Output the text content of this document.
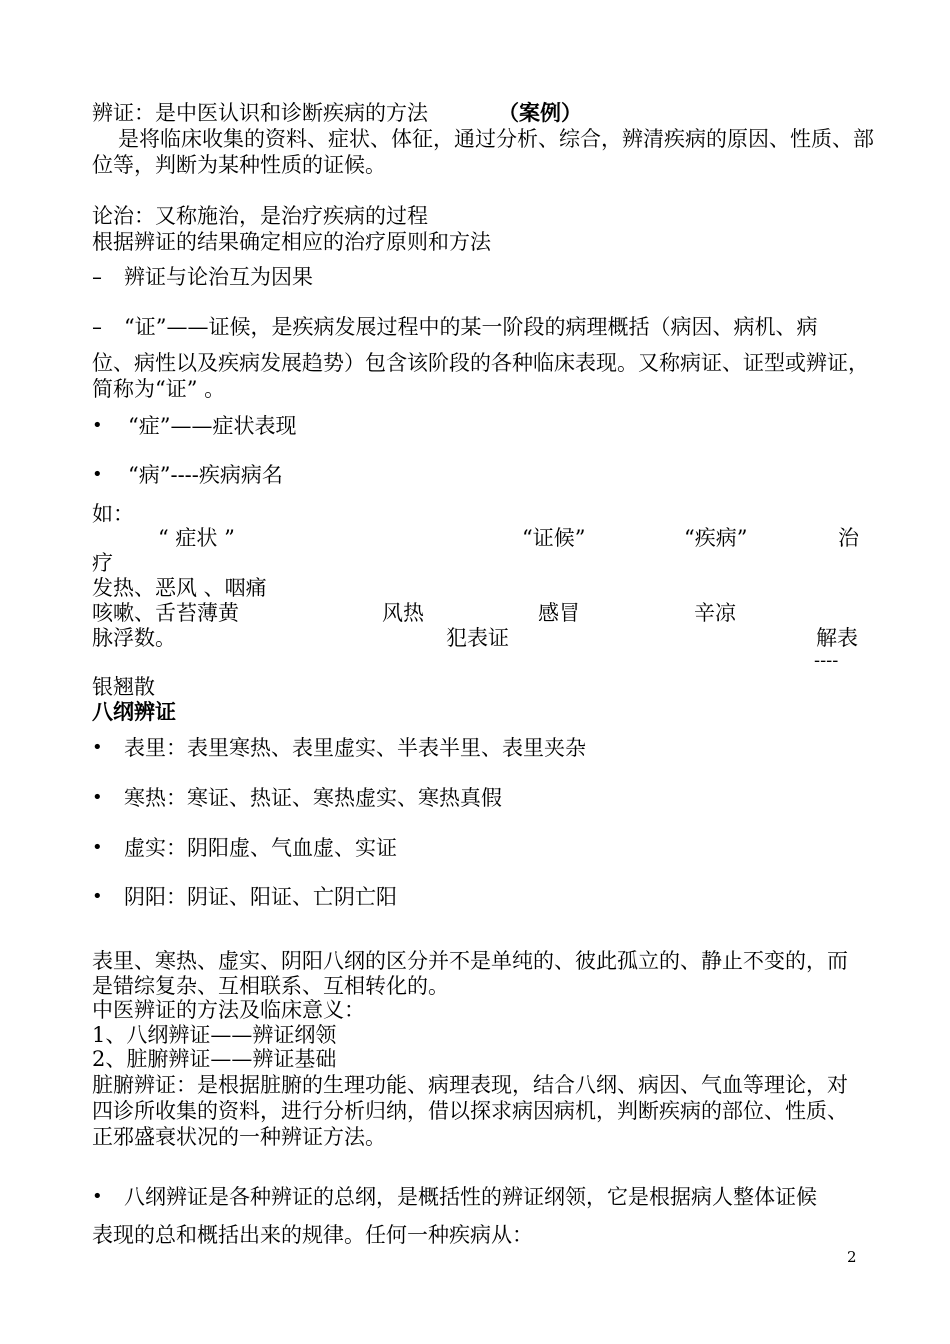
辨证：是中医认识和诊断疾病的方法	（案例）
是将临床收集的资料、症状、体征，通过分析、综合，辨清疾病的原因、性质、部
位等，判断为某种性质的证候。
论治：又称施治，是治疗疾病的过程
根据辨证的结果确定相应的治疗原则和方法
– 辨证与论治互为因果
– “证”——证候，是疾病发展过程中的某一阶段的病理概括（病因、病机、病
位、病性以及疾病发展趋势）包含该阶段的各种临床表现。又称病证、证型或辨证，
简称为“证” 。
• “症”——症状表现
• “病”----疾病病名
如：
“ 症状 ”	“证候”	“疾病”	治
疗
发热、恶风 、咽痛
咳嗽、舌苔薄黄	风热	感冒	辛凉
脉浮数。	犯表证	解表
----
银翘散
八纲辨证
• 表里：表里寒热、表里虚实、半表半里、表里夹杂
• 寒热：寒证、热证、寒热虚实、寒热真假
• 虚实：阴阳虚、气血虚、实证
• 阴阳：阴证、阳证、亡阴亡阳
表里、寒热、虚实、阴阳八纲的区分并不是单纯的、彼此孤立的、静止不变的，而
是错综复杂、互相联系、互相转化的。
中医辨证的方法及临床意义：
1、八纲辨证——辨证纲领
2、脏腑辨证——辨证基础
脏腑辨证：是根据脏腑的生理功能、病理表现，结合八纲、病因、气血等理论，对
四诊所收集的资料，进行分析归纳，借以探求病因病机，判断疾病的部位、性质、
正邪盛衰状况的一种辨证方法。
• 八纲辨证是各种辨证的总纲，是概括性的辨证纲领，它是根据病人整体证候
表现的总和概括出来的规律。任何一种疾病从：
2
